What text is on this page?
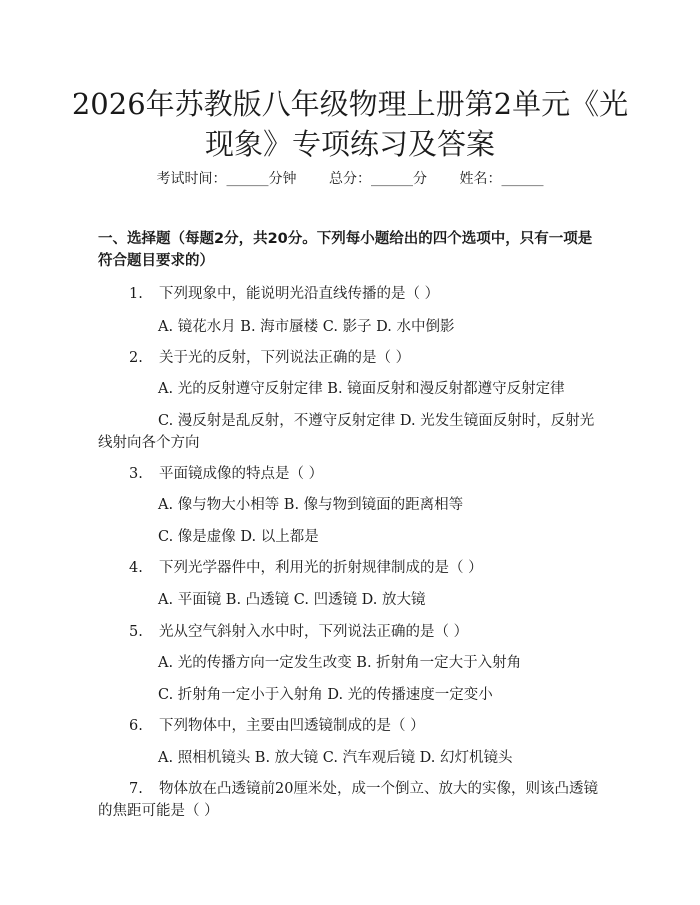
2026年苏教版八年级物理上册第2单元《光
现象》专项练习及答案
考试时间：______分钟 总分：______分 姓名：______
一、选择题（每题2分，共20分。下列每小题给出的四个选项中，只有一项是符合题目要求的）
1. 下列现象中，能说明光沿直线传播的是（ ）
A. 镜花水月 B. 海市蜃楼 C. 影子 D. 水中倒影
2. 关于光的反射，下列说法正确的是（ ）
A. 光的反射遵守反射定律 B. 镜面反射和漫反射都遵守反射定律
C. 漫反射是乱反射，不遵守反射定律 D. 光发生镜面反射时，反射光线射向各个方向
3. 平面镜成像的特点是（ ）
A. 像与物大小相等 B. 像与物到镜面的距离相等
C. 像是虚像 D. 以上都是
4. 下列光学器件中，利用光的折射规律制成的是（ ）
A. 平面镜 B. 凸透镜 C. 凹透镜 D. 放大镜
5. 光从空气斜射入水中时，下列说法正确的是（ ）
A. 光的传播方向一定发生改变 B. 折射角一定大于入射角
C. 折射角一定小于入射角 D. 光的传播速度一定变小
6. 下列物体中，主要由凹透镜制成的是（ ）
A. 照相机镜头 B. 放大镜 C. 汽车观后镜 D. 幻灯机镜头
7. 物体放在凸透镜前20厘米处，成一个倒立、放大的实像，则该凸透镜的焦距可能是（ ）
